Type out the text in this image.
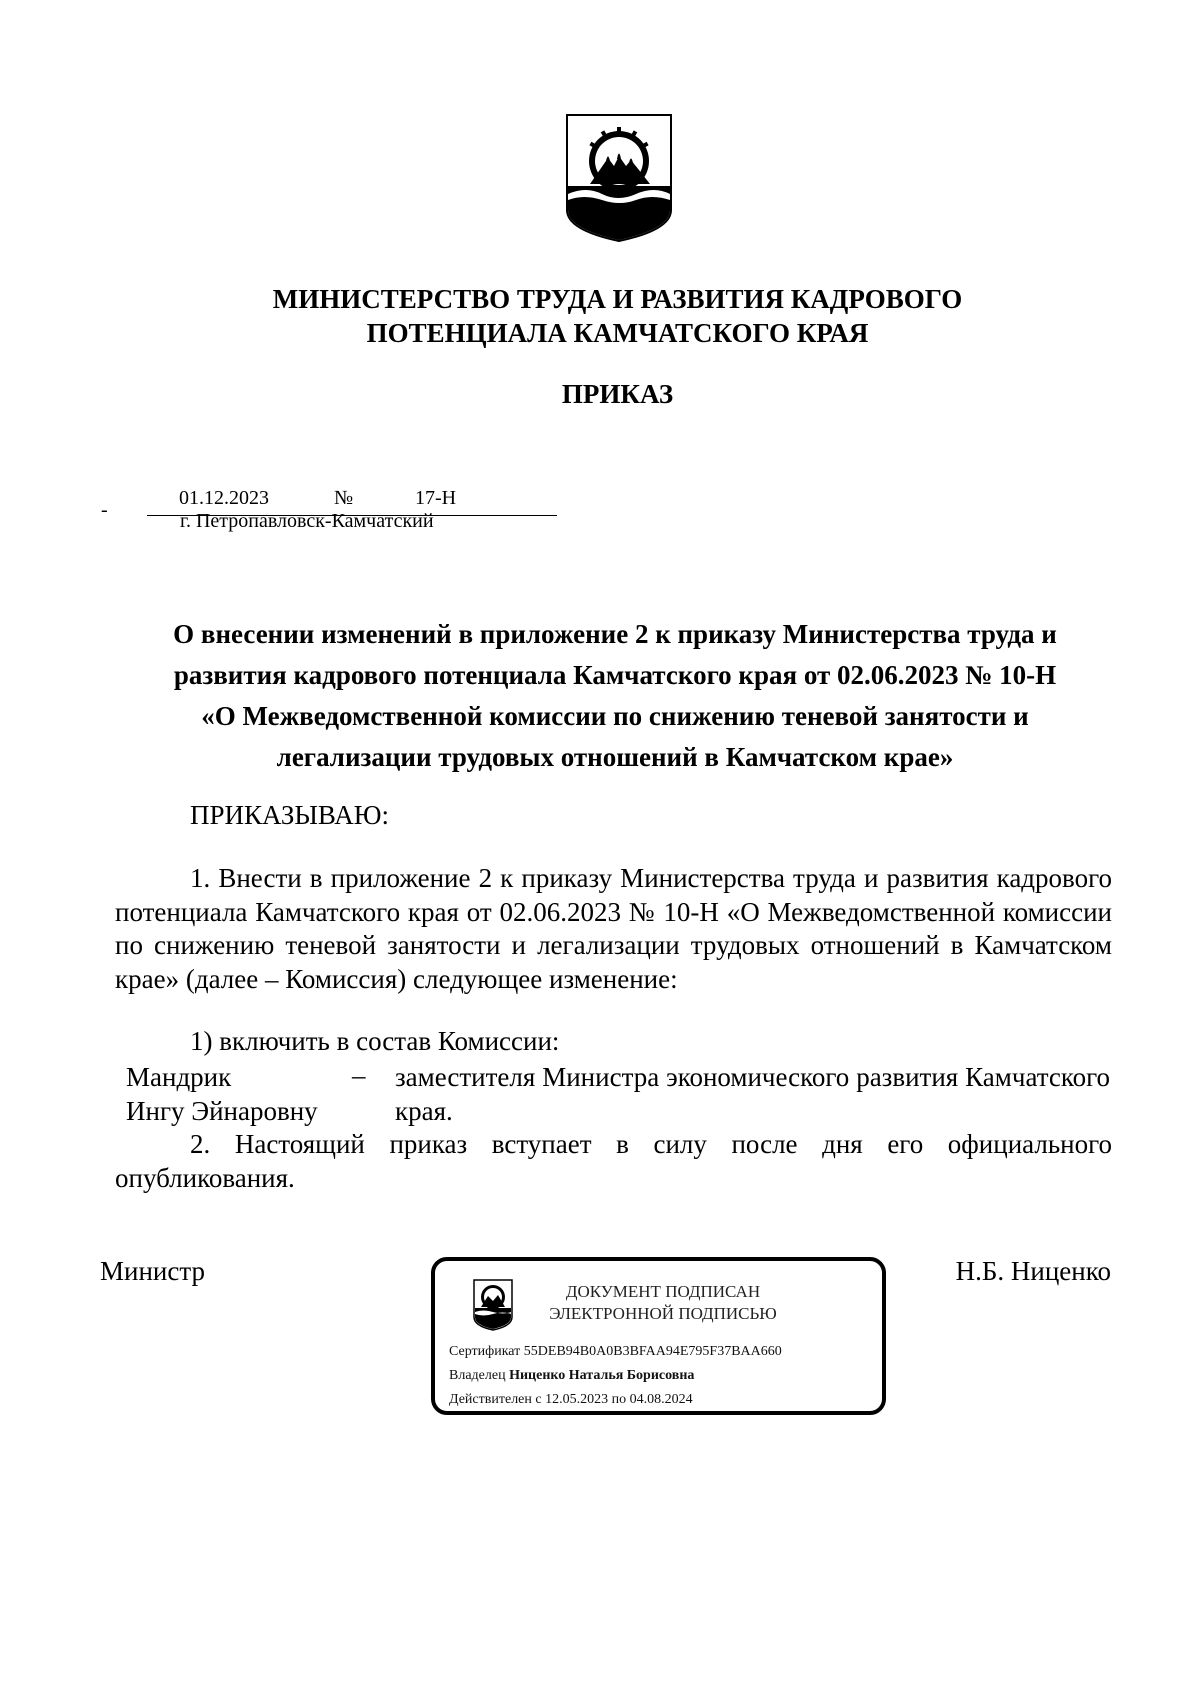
МИНИСТЕРСТВО ТРУДА И РАЗВИТИЯ КАДРОВОГО
ПОТЕНЦИАЛА КАМЧАТСКОГО КРАЯ
ПРИКАЗ
-
01.12.2023	№	17-Н
г. Петропавловск-Камчатский
О внесении изменений в приложение 2 к приказу Министерства труда и
развития кадрового потенциала Камчатского края от 02.06.2023 № 10-Н
«О Межведомственной комиссии по снижению теневой занятости и
легализации трудовых отношений в Камчатском крае»
ПРИКАЗЫВАЮ:
1. Внести в приложение 2 к приказу Министерства труда и развития кадрового потенциала Камчатского края от 02.06.2023 № 10-Н «О Межведомственной комиссии по снижению теневой занятости и легализации трудовых отношений в Камчатском крае» (далее – Комиссия) следующее изменение:
1) включить в состав Комиссии:
Мандрик
Ингу Эйнаровну
– заместителя Министра экономического развития Камчатского края.
2. Настоящий приказ вступает в силу после дня его официального опубликования.
Министр	Н.Б. Ниценко
ДОКУМЕНТ ПОДПИСАН
ЭЛЕКТРОННОЙ ПОДПИСЬЮ
Сертификат 55DEB94B0A0B3BFAA94E795F37BAA660
Владелец Ниценко Наталья Борисовна
Действителен с 12.05.2023 по 04.08.2024
